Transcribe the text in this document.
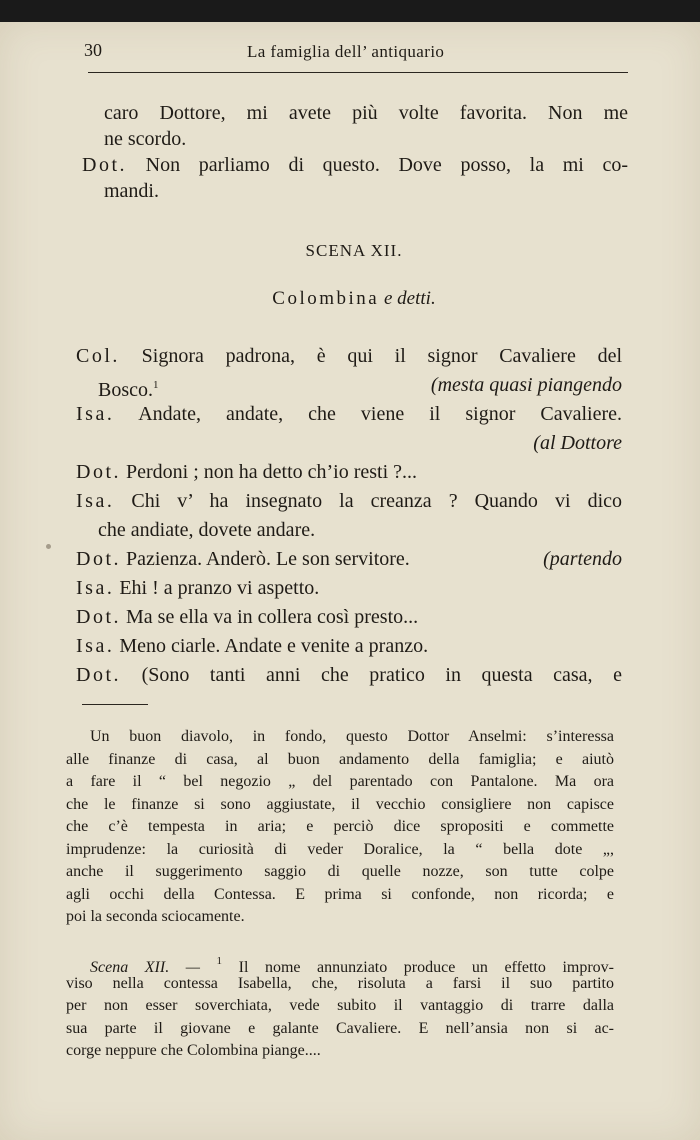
30	La famiglia dell’ antiquario
caro Dottore, mi avete più volte favorita. Non me
ne scordo.
Dot. Non parliamo di questo. Dove posso, la mi co-
mandi.
SCENA XII.
Colombina e detti.
Col. Signora padrona, è qui il signor Cavaliere del
Bosco.$^1$	(mesta quasi piangendo
Isa. Andate, andate, che viene il signor Cavaliere.
(al Dottore
Dot. Perdoni ; non ha detto ch’io resti ?...
Isa. Chi v’ ha insegnato la creanza ? Quando vi dico
che andiate, dovete andare.
Dot. Pazienza. Anderò. Le son servitore.	(partendo
Isa. Ehi ! a pranzo vi aspetto.
Dot. Ma se ella va in collera così presto...
Isa. Meno ciarle. Andate e venite a pranzo.
Dot. (Sono tanti anni che pratico in questa casa, e
Un buon diavolo, in fondo, questo Dottor Anselmi: s’interessa
alle finanze di casa, al buon andamento della famiglia; e aiutò
a fare il “ bel negozio „ del parentado con Pantalone. Ma ora
che le finanze si sono aggiustate, il vecchio consigliere non capisce
che c’è tempesta in aria; e perciò dice spropositi e commette
imprudenze: la curiosità di veder Doralice, la “ bella dote „,
anche il suggerimento saggio di quelle nozze, son tutte colpe
agli occhi della Contessa. E prima si confonde, non ricorda; e
poi la seconda sciocamente.
Scena XII. — $^1$ Il nome annunziato produce un effetto improv-
viso nella contessa Isabella, che, risoluta a farsi il suo partito
per non esser soverchiata, vede subito il vantaggio di trarre dalla
sua parte il giovane e galante Cavaliere. E nell’ansia non si ac-
corge neppure che Colombina piange....
